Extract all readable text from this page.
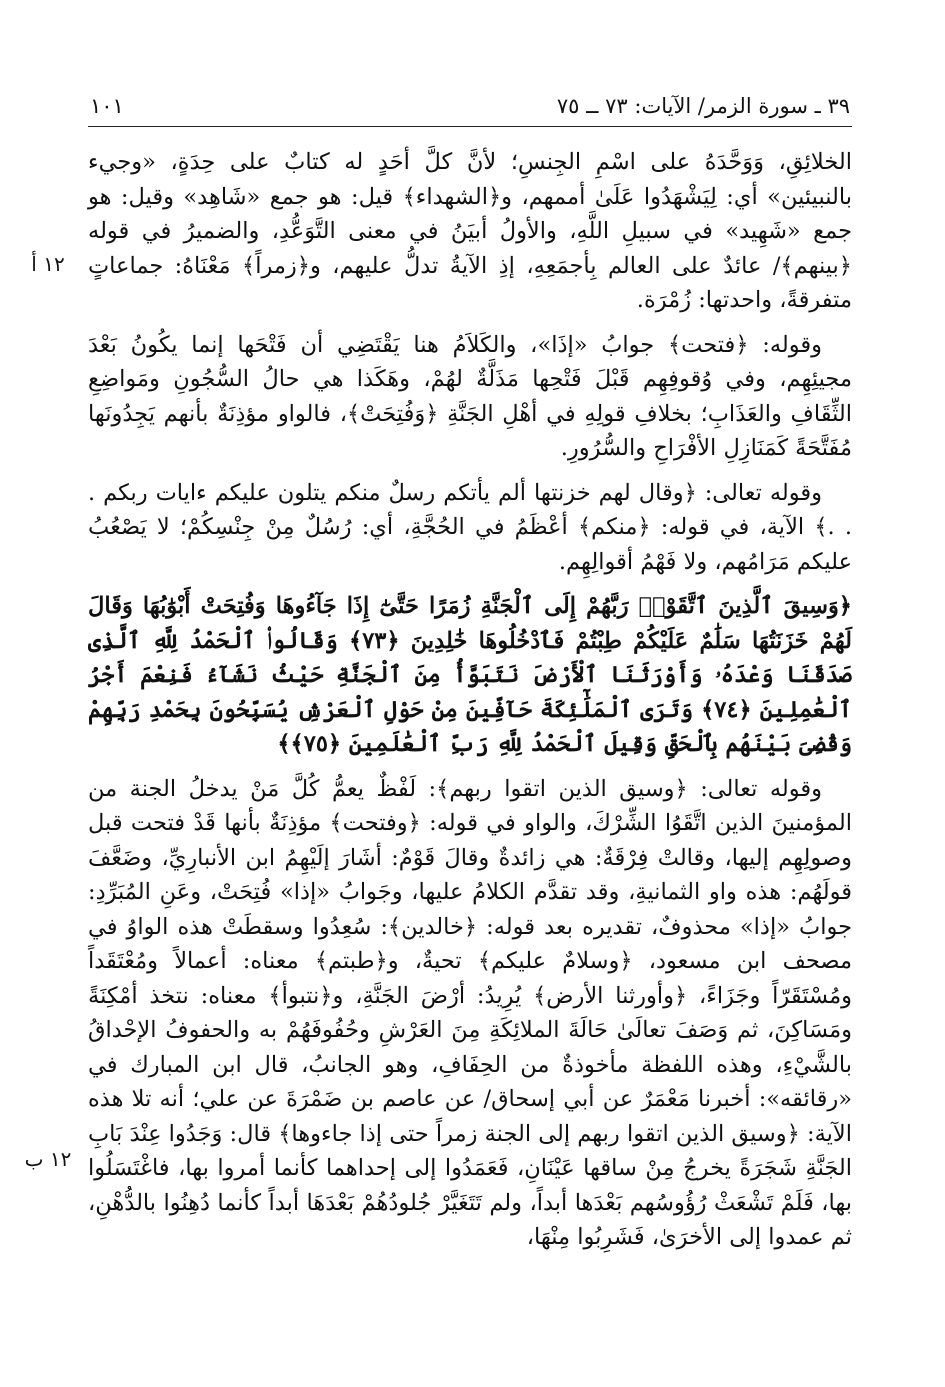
١٠١	٣٩ ـ سورة الزمر/ الآيات: ٧٣ ــ ٧٥
١٢ أ
١٢ ب

الخلائِقِ، وَوَحَّدَهُ على اسْمِ الجِنسِ؛ لأنَّ كلَّ أحَدٍ له كتابٌ على حِدَةٍ، «وجيء بالنبيئين» أي: لِيَشْهَدُوا عَلَىٰ أممهم، و﴿الشهداء﴾ قيل: هو جمع «شَاهِد» وقيل: هو جمع «شَهِيد» في سبيلِ اللَّهِ، والأولُ أبيَنُ في معنى التَّوَعُّدِ، والضميرُ في قوله ﴿بينهم﴾/ عائدٌ على العالم بِأجمَعِهِ، إذِ الآيةُ تدلُّ عليهم، و﴿زمراً﴾ مَعْنَاهُ: جماعاتٍ متفرقةً، واحدتها: زُمْرَة.

وقوله: ﴿فتحت﴾ جوابُ «إذَا»، والكَلاَمُ هنا يَقْتَضِي أن فَتْحَها إنما يكُونُ بَعْدَ مجيئِهِم، وفي وُقوفِهِم قَبْلَ فَتْحِها مَذَلَّةٌ لهُمْ، وهَكَذا هي حالُ السُّجُونِ ومَواضِعِ الثِّقَافِ والعَذَابِ؛ بخلافِ قولِهِ في أهْلِ الجَنَّةِ ﴿وَفُتِحَتْ﴾، فالواو مؤذِنَةٌ بأنهم يَجِدُونَها مُفَتَّحَةً كَمَنَازِلِ الأفْرَاحِ والسُّرُورِ.

وقوله تعالى: ﴿وقال لهم خزنتها ألم يأتكم رسلٌ منكم يتلون عليكم ءايات ربكم . . .﴾ الآية، في قوله: ﴿منكم﴾ أعْظَمُ في الحُجَّةِ، أي: رُسُلٌ مِنْ جِنْسِكُمْ؛ لا يَصْعُبُ عليكم مَرَامُهم، ولا فَهْمُ أقوالِهِم.

﴿وَسِيقَ ٱلَّذِينَ ٱتَّقَوْا۟ رَبَّهُمْ إِلَى ٱلْجَنَّةِ زُمَرًا حَتَّىٰٓ إِذَا جَآءُوهَا وَفُتِحَتْ أَبْوَٰبُهَا وَقَالَ لَهُمْ خَزَنَتُهَا سَلَٰمٌ عَلَيْكُمْ طِبْتُمْ فَٱدْخُلُوهَا خَٰلِدِينَ ﴿٧٣﴾ وَقَالُوا۟ ٱلْحَمْدُ لِلَّهِ ٱلَّذِى صَدَقَنَا وَعْدَهُۥ وَأَوْرَثَنَا ٱلْأَرْضَ نَتَبَوَّأُ مِنَ ٱلْجَنَّةِ حَيْثُ نَشَآءُ فَنِعْمَ أَجْرُ ٱلْعَٰمِلِينَ ﴿٧٤﴾ وَتَرَى ٱلْمَلَٰٓئِكَةَ حَآفِّينَ مِنْ حَوْلِ ٱلْعَرْشِ يُسَبِّحُونَ بِحَمْدِ رَبِّهِمْ وَقُضِىَ بَيْنَهُم بِٱلْحَقِّ وَقِيلَ ٱلْحَمْدُ لِلَّهِ رَبِّ ٱلْعَٰلَمِينَ ﴿٧٥﴾﴾

وقوله تعالى: ﴿وسيق الذين اتقوا ربهم﴾: لَفْظٌ يعمُّ كُلَّ مَنْ يدخلُ الجنة من المؤمنينَ الذين اتَّقَوُا الشِّرْكَ، والواو في قوله: ﴿وفتحت﴾ مؤذِنَةٌ بأنها قَدْ فتحت قبل وصولِهِم إليها، وقالتْ فِرْقَةٌ: هي زائدةٌ وقالَ قَوْمٌ: أشَارَ إلَيْهِمُ ابن الأنبارِيِّ، وضَعَّفَ قولَهُم: هذه واو الثمانيةِ، وقد تقدَّم الكلامُ عليها، وجَوابُ «إذا» فُتِحَتْ، وعَنِ المُبَرِّدِ: جوابُ «إذا» محذوفٌ، تقديره بعد قوله: ﴿خالدين﴾: سُعِدُوا وسقطَتْ هذه الواوُ في مصحف ابن مسعود، ﴿وسلامٌ عليكم﴾ تحيةٌ، و﴿طبتم﴾ معناه: أعمالاً ومُعْتَقَداً ومُسْتَقَرّاً وجَزَاءً، ﴿وأورثنا الأرض﴾ يُرِيدُ: أرْضَ الجَنَّةِ، و﴿نتبوأ﴾ معناه: نتخذ أمْكِنَةً ومَسَاكِنَ، ثم وَصَفَ تعالَىٰ حَالَةَ الملائِكَةِ مِنَ العَرْشِ وحُفُوفَهُمْ به والحفوفُ الإحْداقُ بالشَّيْءِ، وهذه اللفظة مأخوذةٌ من الحِفَافِ، وهو الجانبُ، قال ابن المبارك في «رقائقه»: أخبرنا مَعْمَرٌ عن أبي إسحاق/ عن عاصم بن ضَمْرَةَ عن علي؛ أنه تلا هذه الآية: ﴿وسيق الذين اتقوا ربهم إلى الجنة زمراً حتى إذا جاءوها﴾ قال: وَجَدُوا عِنْدَ بَابِ الجَنَّةِ شَجَرَةً يخرجُ مِنْ ساقها عَيْنَانِ، فَعَمَدُوا إلى إحداهما كأنما أمروا بها، فاغْتَسَلُوا بها، فَلَمْ تَشْعَثْ رُؤُوسُهم بَعْدَها أبداً، ولم تَتَغَيَّرْ جُلودُهُمْ بَعْدَهَا أبداً كأنما دُهِنُوا بالدُّهْنِ، ثم عمدوا إلى الأخرَىٰ، فَشَرِبُوا مِنْهَا،
